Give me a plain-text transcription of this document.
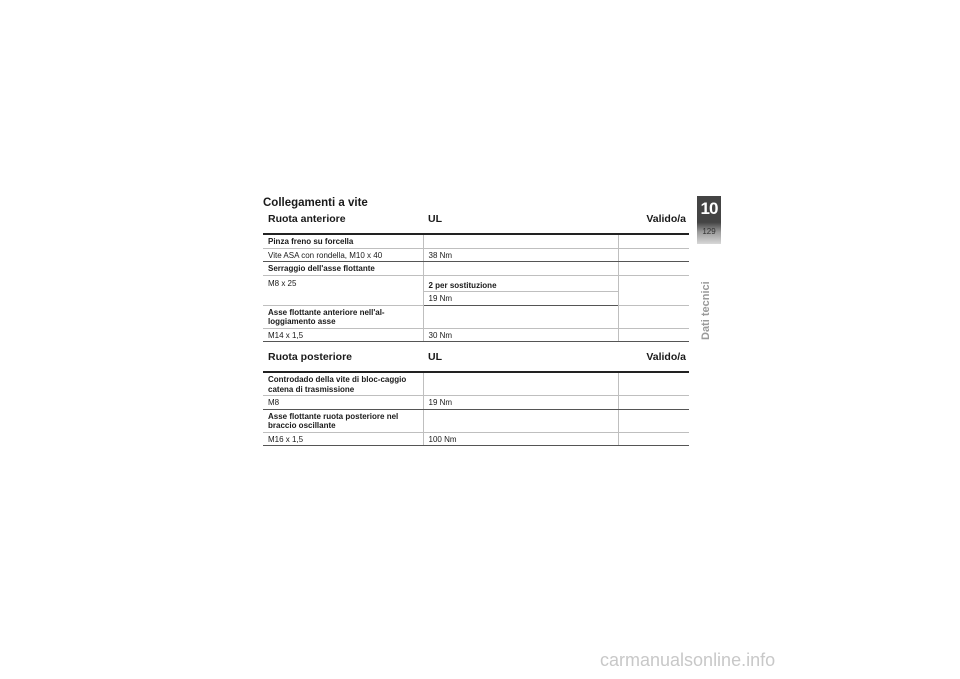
Collegamenti a vite
Ruota anteriore	UL	Valido/a
Pinza freno su forcella		
Vite ASA con rondella, M10 x 40	38 Nm	
Serraggio dell'asse flottante		
M8 x 25	2 per sostituzione	
	19 Nm	
Asse flottante anteriore nell'al-loggiamento asse		
M14 x 1,5	30 Nm	
Ruota posteriore	UL	Valido/a
Controdado della vite di bloc-caggio catena di trasmissione		
M8	19 Nm	
Asse flottante ruota posteriore nel braccio oscillante		
M16 x 1,5	100 Nm	
10
129
Dati tecnici
carmanualsonline.info
